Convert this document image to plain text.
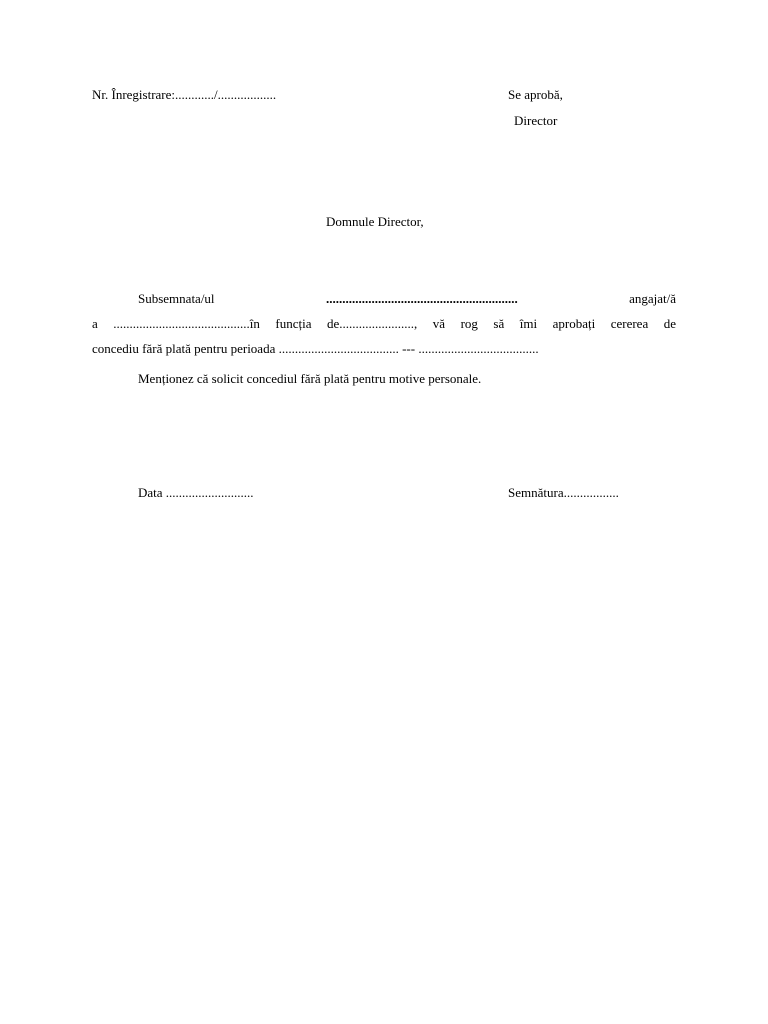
Nr. Înregistrare:............/..................	Se aprobă,
Director
Domnule Director,
Subsemnata/ul	...........................................................	angajat/ă
a ..........................................în funcția de......................., vă rog să îmi aprobați cererea de
concediu fără plată pentru perioada ..................................... --- .....................................
Menționez că solicit concediul fără plată pentru motive personale.
Data ...........................	Semnătura.................
